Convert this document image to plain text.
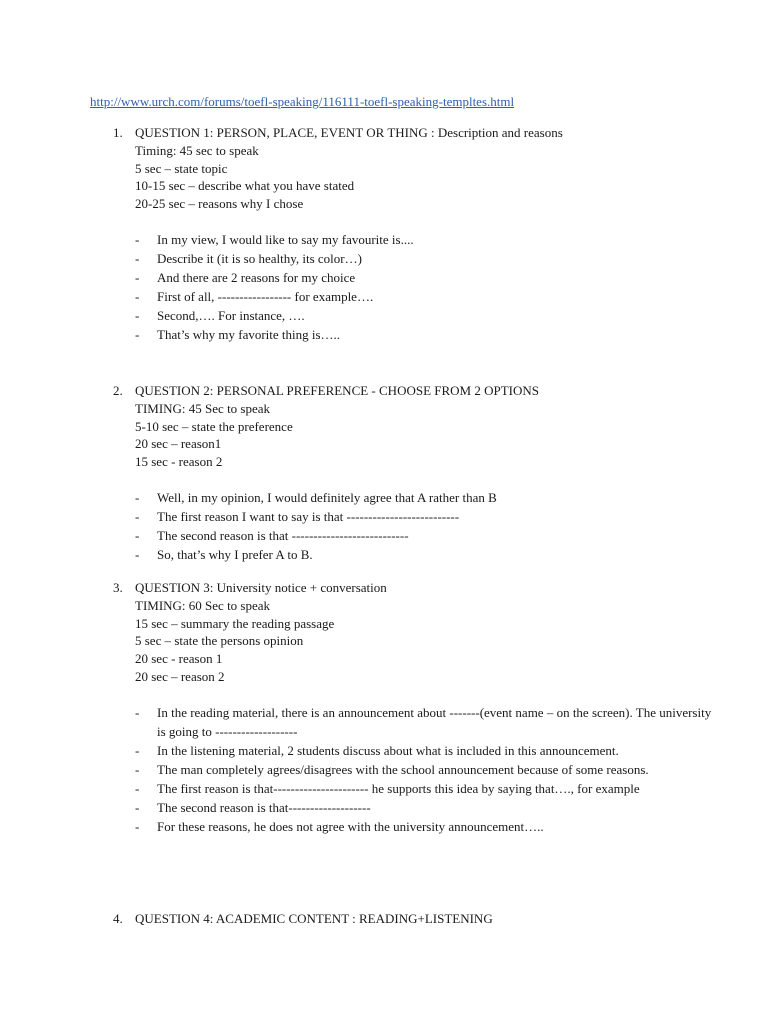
http://www.urch.com/forums/toefl-speaking/116111-toefl-speaking-templtes.html
1. QUESTION 1: PERSON, PLACE, EVENT OR THING : Description and reasons
Timing: 45 sec to speak
5 sec – state topic
10-15 sec – describe what you have stated
20-25 sec – reasons why I chose
-	In my view, I would like to say my favourite is....
-	Describe it (it is so healthy, its color…)
-	And there are 2 reasons for my choice
-	First of all, ----------------- for example….
-	Second,…. For instance, ….
-	That’s why my favorite thing is…..
2. QUESTION 2: PERSONAL PREFERENCE - CHOOSE FROM 2 OPTIONS
TIMING: 45 Sec to speak
5-10 sec – state the preference
20 sec – reason1
15 sec - reason 2
-	Well, in my opinion, I would definitely agree that A rather than B
-	The first reason I want to say is that --------------------------
-	The second reason is that ---------------------------
-	So, that’s why I prefer A to B.
3. QUESTION 3: University notice + conversation
TIMING: 60 Sec to speak
15 sec – summary the reading passage
5 sec – state the persons opinion
20 sec - reason 1
20 sec – reason 2
-	In the reading material, there is an announcement about -------(event name – on the screen). The university is going to -------------------
-	In the listening material, 2 students discuss about what is included in this announcement.
-	The man completely agrees/disagrees with the school announcement because of some reasons.
-	The first reason is that---------------------- he supports this idea by saying that…., for example
-	The second reason is that-------------------
-	For these reasons, he does not agree with the university announcement…..
4. QUESTION 4: ACADEMIC CONTENT : READING+LISTENING
